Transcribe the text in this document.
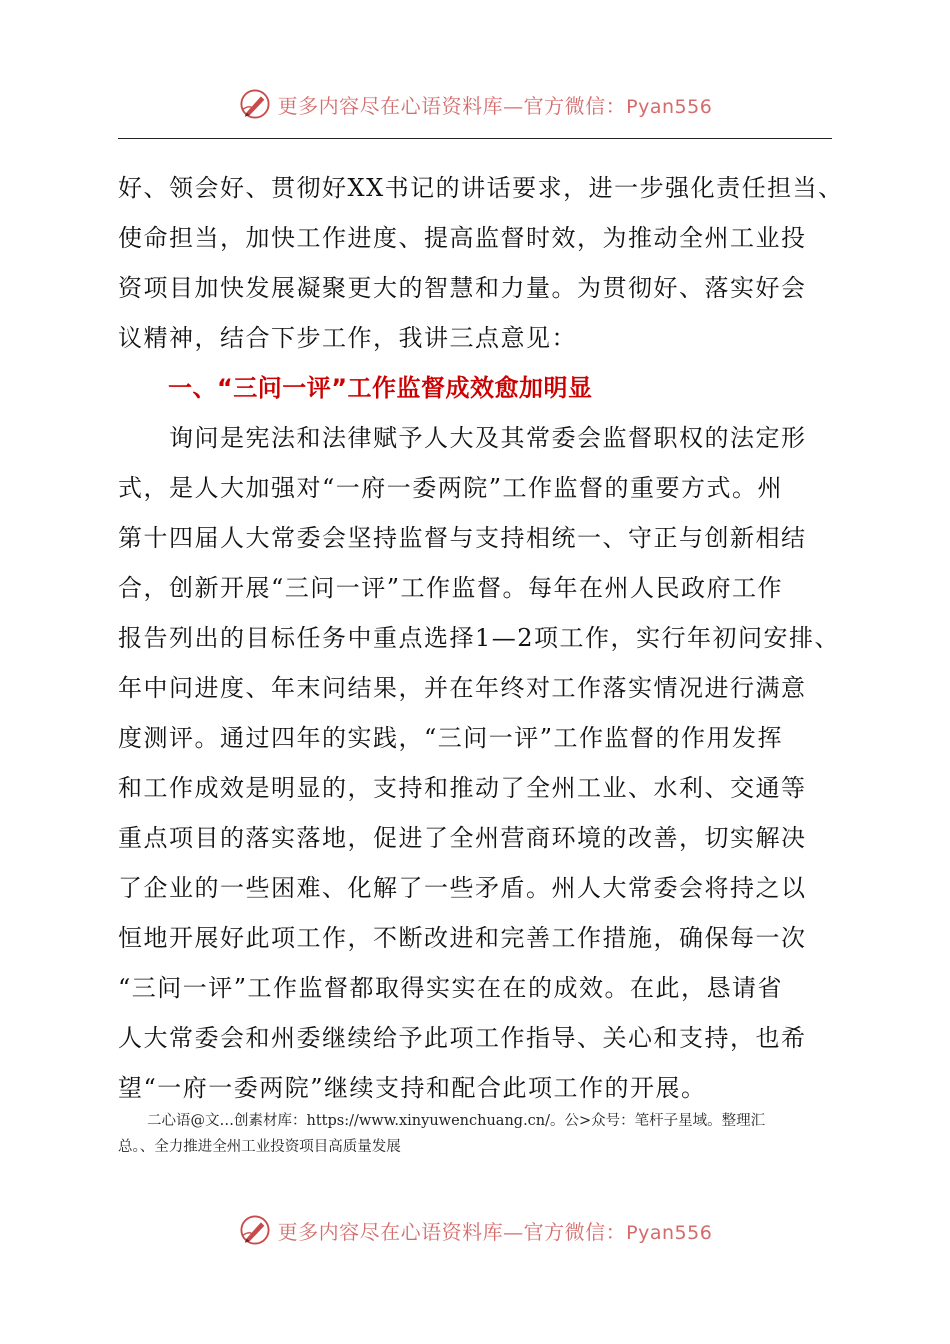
更多内容尽在心语资料库—官方微信：Pyan556
好、领会好、贯彻好XX书记的讲话要求，进一步强化责任担当、
使命担当，加快工作进度、提高监督时效，为推动全州工业投
资项目加快发展凝聚更大的智慧和力量。为贯彻好、落实好会
议精神，结合下步工作，我讲三点意见：
一、“三问一评”工作监督成效愈加明显
　　询问是宪法和法律赋予人大及其常委会监督职权的法定形
式，是人大加强对“一府一委两院”工作监督的重要方式。州
第十四届人大常委会坚持监督与支持相统一、守正与创新相结
合，创新开展“三问一评”工作监督。每年在州人民政府工作
报告列出的目标任务中重点选择1—2项工作，实行年初问安排、
年中问进度、年末问结果，并在年终对工作落实情况进行满意
度测评。通过四年的实践，“三问一评”工作监督的作用发挥
和工作成效是明显的，支持和推动了全州工业、水利、交通等
重点项目的落实落地，促进了全州营商环境的改善，切实解决
了企业的一些困难、化解了一些矛盾。州人大常委会将持之以
恒地开展好此项工作，不断改进和完善工作措施，确保每一次
“三问一评”工作监督都取得实实在在的成效。在此，恳请省
人大常委会和州委继续给予此项工作指导、关心和支持，也希
望“一府一委两院”继续支持和配合此项工作的开展。
　　二心语@文…创素材库：https://www.xinyuwenchuang.cn/。公>众号：笔杆子星域。整理汇
总。、全力推进全州工业投资项目高质量发展
更多内容尽在心语资料库—官方微信：Pyan556
